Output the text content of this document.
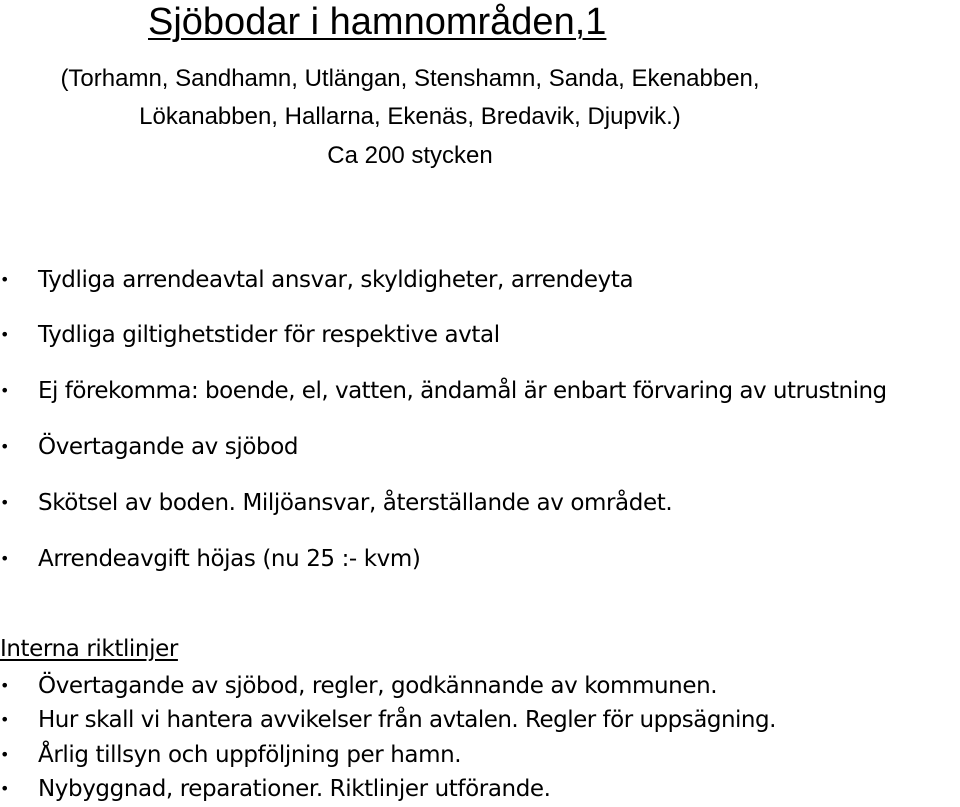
Sjöbodar i hamnområden,1
(Torhamn, Sandhamn, Utlängan, Stenshamn, Sanda, Ekenabben,
Lökanabben, Hallarna, Ekenäs, Bredavik, Djupvik.)
Ca 200 stycken
• Tydliga arrendeavtal ansvar, skyldigheter, arrendeyta
• Tydliga giltighetstider för respektive avtal
• Ej förekomma: boende, el, vatten, ändamål är enbart förvaring av utrustning
• Övertagande av sjöbod
• Skötsel av boden. Miljöansvar, återställande av området.
• Arrendeavgift höjas (nu 25 :- kvm)
Interna riktlinjer
• Övertagande av sjöbod, regler, godkännande av kommunen.
• Hur skall vi hantera avvikelser från avtalen. Regler för uppsägning.
• Årlig tillsyn och uppföljning per hamn.
• Nybyggnad, reparationer. Riktlinjer utförande.
